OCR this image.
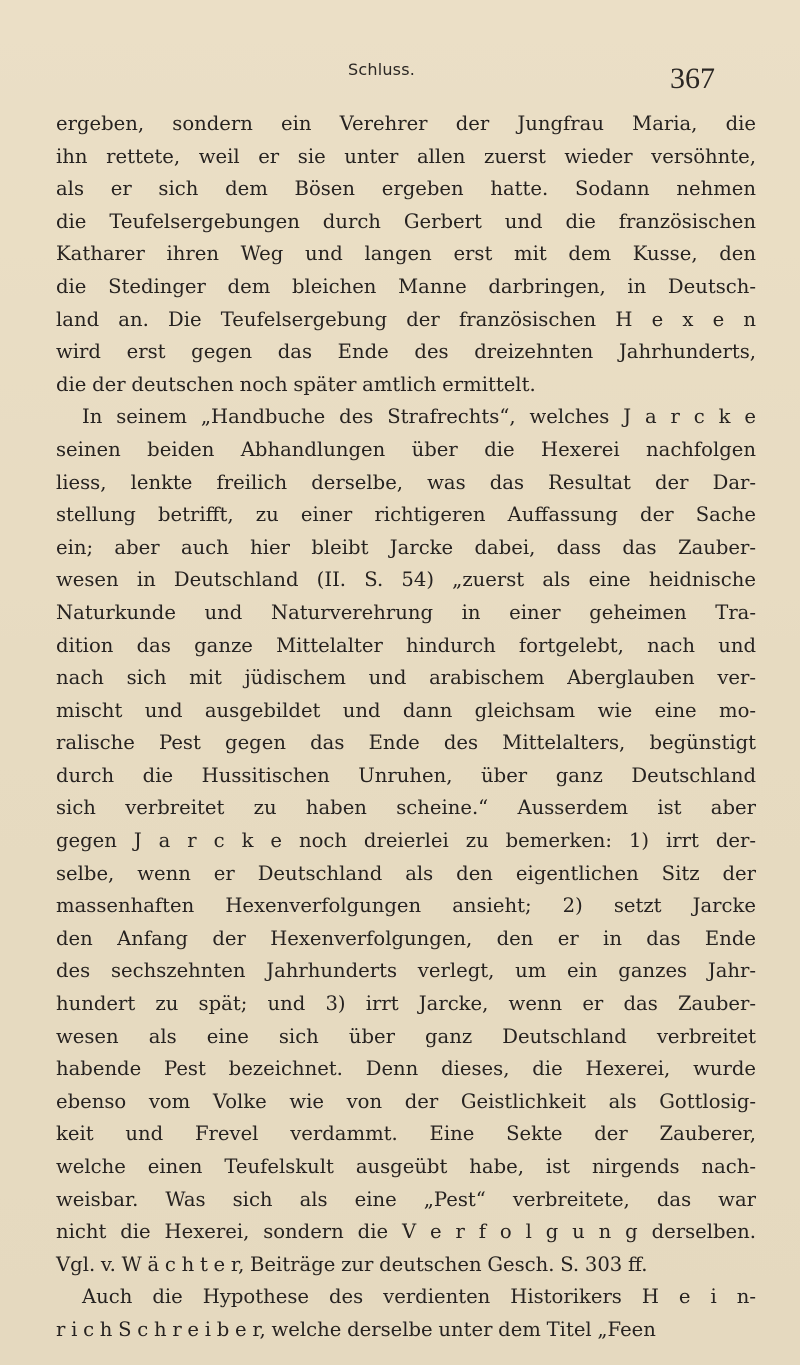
Schluss.	367
ergeben, sondern ein Verehrer der Jungfrau Maria, die
ihn rettete, weil er sie unter allen zuerst wieder versöhnte,
als er sich dem Bösen ergeben hatte. Sodann nehmen
die Teufelsergebungen durch Gerbert und die französischen
Katharer ihren Weg und langen erst mit dem Kusse, den
die Stedinger dem bleichen Manne darbringen, in Deutsch-
land an. Die Teufelsergebung der französischen H e x e n
wird erst gegen das Ende des dreizehnten Jahrhunderts,
die der deutschen noch später amtlich ermittelt.
In seinem „Handbuche des Strafrechts“, welches J a r c k e
seinen beiden Abhandlungen über die Hexerei nachfolgen
liess, lenkte freilich derselbe, was das Resultat der Dar-
stellung betrifft, zu einer richtigeren Auffassung der Sache
ein; aber auch hier bleibt Jarcke dabei, dass das Zauber-
wesen in Deutschland (II. S. 54) „zuerst als eine heidnische
Naturkunde und Naturverehrung in einer geheimen Tra-
dition das ganze Mittelalter hindurch fortgelebt, nach und
nach sich mit jüdischem und arabischem Aberglauben ver-
mischt und ausgebildet und dann gleichsam wie eine mo-
ralische Pest gegen das Ende des Mittelalters, begünstigt
durch die Hussitischen Unruhen, über ganz Deutschland
sich verbreitet zu haben scheine.“ Ausserdem ist aber
gegen J a r c k e noch dreierlei zu bemerken: 1) irrt der-
selbe, wenn er Deutschland als den eigentlichen Sitz der
massenhaften Hexenverfolgungen ansieht; 2) setzt Jarcke
den Anfang der Hexenverfolgungen, den er in das Ende
des sechszehnten Jahrhunderts verlegt, um ein ganzes Jahr-
hundert zu spät; und 3) irrt Jarcke, wenn er das Zauber-
wesen als eine sich über ganz Deutschland verbreitet
habende Pest bezeichnet. Denn dieses, die Hexerei, wurde
ebenso vom Volke wie von der Geistlichkeit als Gottlosig-
keit und Frevel verdammt. Eine Sekte der Zauberer,
welche einen Teufelskult ausgeübt habe, ist nirgends nach-
weisbar. Was sich als eine „Pest“ verbreitete, das war
nicht die Hexerei, sondern die V e r f o l g u n g derselben.
Vgl. v. W ä c h t e r, Beiträge zur deutschen Gesch. S. 303 ff.
Auch die Hypothese des verdienten Historikers H e i n-
r i c h S c h r e i b e r, welche derselbe unter dem Titel „Feen
